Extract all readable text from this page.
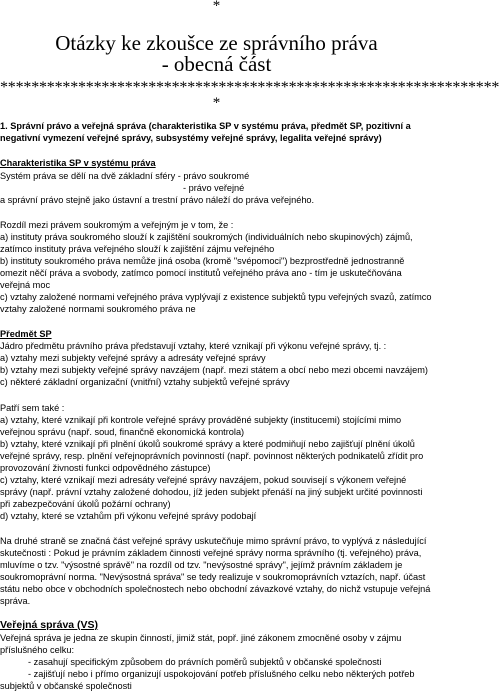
*
Otázky ke zkoušce ze správního práva
- obecná část
****************************************************************
*
1. Správní právo a veřejná správa (charakteristika SP v systému práva, předmět SP, pozitivní a
negativní vymezení veřejné správy, subsystémy veřejné správy, legalita veřejné správy)
Charakteristika SP v systému práva
Systém práva se dělí na dvě základní sféry - právo soukromé
- právo veřejné
a správní právo stejně jako ústavní a trestní právo náleží do práva veřejného.
Rozdíl mezi právem soukromým a veřejným je v tom, že :
a) instituty práva soukromého slouží k zajištění soukromých (individuálních nebo skupinových) zájmů,
zatímco instituty práva veřejného slouží k zajištění zájmu veřejného
b) instituty soukromého práva nemůže jiná osoba (kromě "svépomoci") bezprostředně jednostranně
omezit něčí práva a svobody, zatímco pomocí institutů veřejného práva ano - tím je uskutečňována
veřejná moc
c) vztahy založené normami veřejného práva vyplývají z existence subjektů typu veřejných svazů, zatímco
vztahy založené normami soukromého práva ne
Předmět SP
Jádro předmětu právního práva představují vztahy, které vznikají při výkonu veřejné správy, tj. :
a) vztahy mezi subjekty veřejné správy a adresáty veřejné správy
b) vztahy mezi subjekty veřejné správy navzájem (např. mezi státem a obcí nebo mezi obcemi navzájem)
c) některé základní organizační (vnitřní) vztahy subjektů veřejné správy
Patří sem také :
a) vztahy, které vznikají při kontrole veřejné správy prováděné subjekty (institucemi) stojícími mimo
veřejnou správu (např. soud, finančně ekonomická kontrola)
b) vztahy, které vznikají při plnění úkolů soukromé správy a které podmiňují nebo zajišťují plnění úkolů
veřejné správy, resp. plnění veřejnoprávních povinností (např. povinnost některých podnikatelů zřídit pro
provozování živnosti funkci odpovědného zástupce)
c) vztahy, které vznikají mezi adresáty veřejné správy navzájem, pokud souvisejí s výkonem veřejné
správy (např. právní vztahy založené dohodou, jíž jeden subjekt přenáší na jiný subjekt určité povinnosti
při zabezpečování úkolů požární ochrany)
d) vztahy, které se vztahům při výkonu veřejné správy podobají
Na druhé straně se značná část veřejné správy uskutečňuje mimo správní právo, to vyplývá z následující
skutečnosti : Pokud je právním základem činnosti veřejné správy norma správního (tj. veřejného) práva,
mluvíme o tzv. "výsostné správě" na rozdíl od tzv. "nevýsostné správy", jejímž právním základem je
soukromoprávní norma. "Nevýsostná správa" se tedy realizuje v soukromoprávních vztazích, např. účast
státu nebo obce v obchodních společnostech nebo obchodní závazkové vztahy, do nichž vstupuje veřejná
správa.
Veřejná správa (VS)
Veřejná správa je jedna ze skupin činností, jimiž stát, popř. jiné zákonem zmocněné osoby v zájmu
příslušného celku:
- zasahují specifickým způsobem do právních poměrů subjektů v občanské společnosti
- zajišťují nebo i přímo organizují uspokojování potřeb příslušného celku nebo některých potřeb
subjektů v občanské společnosti
